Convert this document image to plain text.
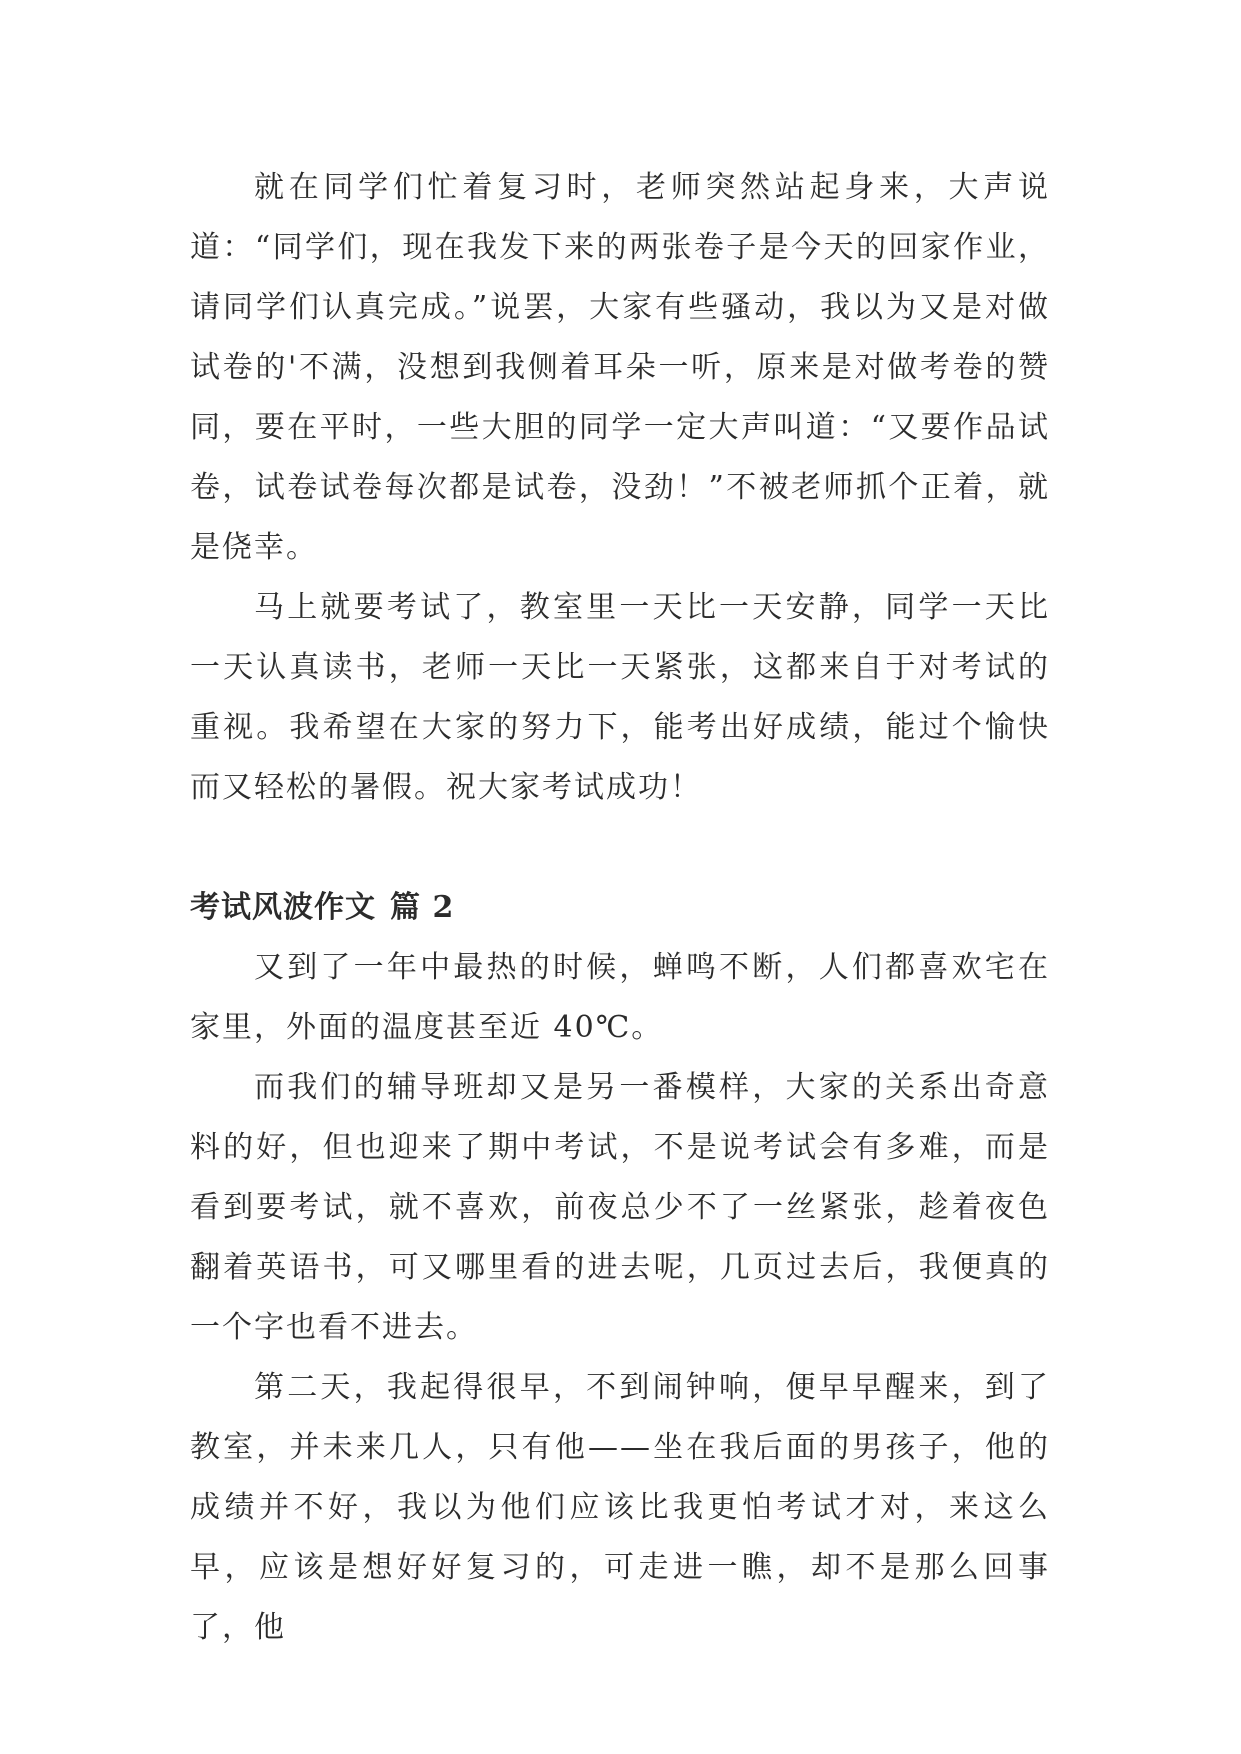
就在同学们忙着复习时，老师突然站起身来，大声说道：“同学们，现在我发下来的两张卷子是今天的回家作业，请同学们认真完成。”说罢，大家有些骚动，我以为又是对做试卷的'不满，没想到我侧着耳朵一听，原来是对做考卷的赞同，要在平时，一些大胆的同学一定大声叫道：“又要作品试卷，试卷试卷每次都是试卷，没劲！”不被老师抓个正着，就是侥幸。

马上就要考试了，教室里一天比一天安静，同学一天比一天认真读书，老师一天比一天紧张，这都来自于对考试的重视。我希望在大家的努力下，能考出好成绩，能过个愉快而又轻松的暑假。祝大家考试成功！

考试风波作文 篇 2

又到了一年中最热的时候，蝉鸣不断，人们都喜欢宅在家里，外面的温度甚至近 40℃。

而我们的辅导班却又是另一番模样，大家的关系出奇意料的好，但也迎来了期中考试，不是说考试会有多难，而是看到要考试，就不喜欢，前夜总少不了一丝紧张，趁着夜色翻着英语书，可又哪里看的进去呢，几页过去后，我便真的一个字也看不进去。

第二天，我起得很早，不到闹钟响，便早早醒来，到了教室，并未来几人，只有他——坐在我后面的男孩子，他的成绩并不好，我以为他们应该比我更怕考试才对，来这么早，应该是想好好复习的，可走进一瞧，却不是那么回事了，他
